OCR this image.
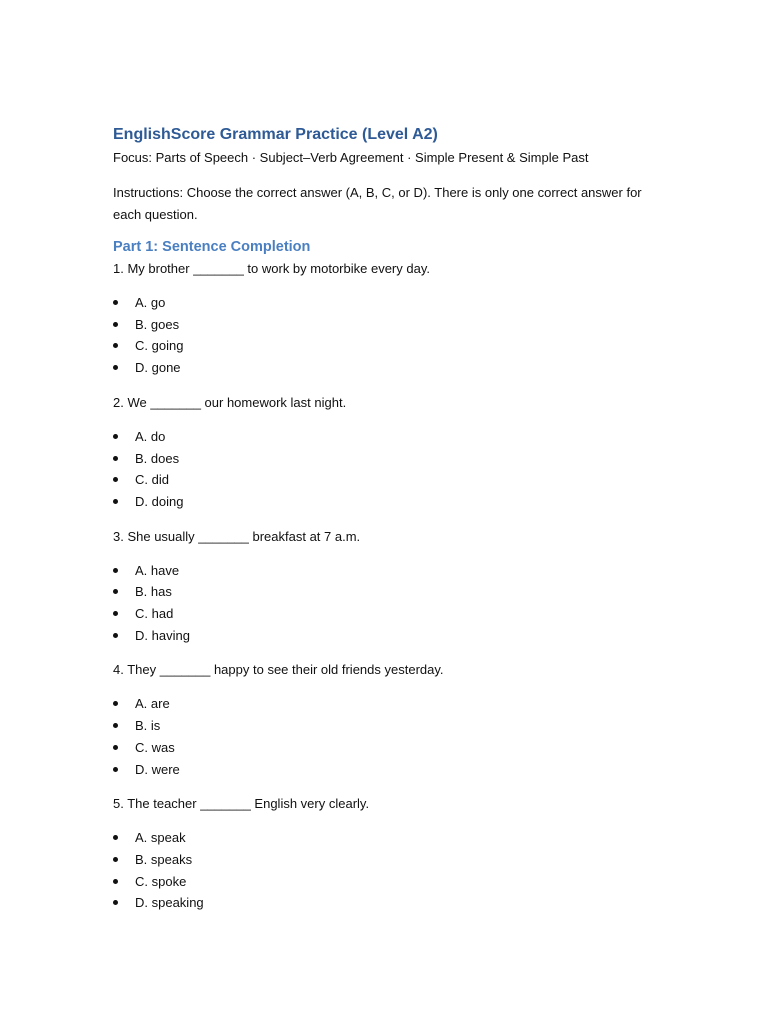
EnglishScore Grammar Practice (Level A2)
Focus: Parts of Speech · Subject–Verb Agreement · Simple Present & Simple Past
Instructions: Choose the correct answer (A, B, C, or D). There is only one correct answer for each question.
Part 1: Sentence Completion

1. My brother _______ to work by motorbike every day.

A. go
B. goes
C. going
D. gone

2. We _______ our homework last night.

A. do
B. does
C. did
D. doing

3. She usually _______ breakfast at 7 a.m.

A. have
B. has
C. had
D. having

4. They _______ happy to see their old friends yesterday.

A. are
B. is
C. was
D. were

5. The teacher _______ English very clearly.

A. speak
B. speaks
C. spoke
D. speaking
